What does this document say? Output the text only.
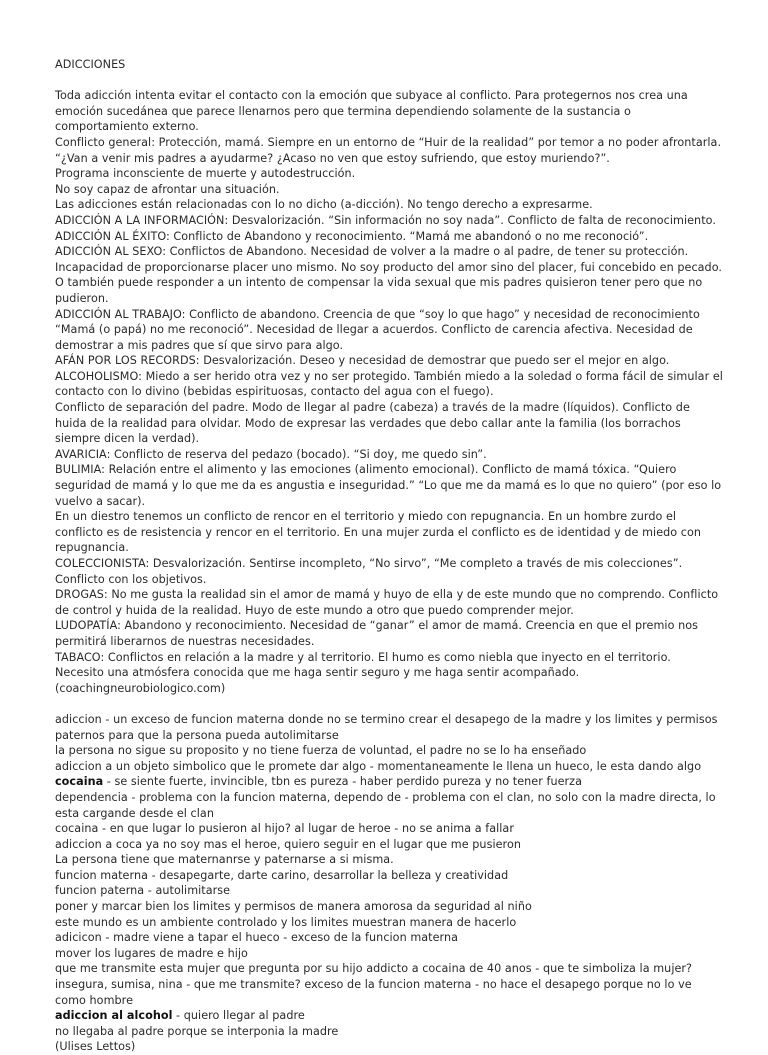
ADICCIONES

Toda adicción intenta evitar el contacto con la emoción que subyace al conflicto. Para protegernos nos crea una emoción sucedánea que parece llenarnos pero que termina dependiendo solamente de la sustancia o comportamiento externo.

Conflicto general: Protección, mamá. Siempre en un entorno de “Huir de la realidad” por temor a no poder afrontarla.

“¿Van a venir mis padres a ayudarme? ¿Acaso no ven que estoy sufriendo, que estoy muriendo?”.

Programa inconsciente de muerte y autodestrucción.

No soy capaz de afrontar una situación.

Las adicciones están relacionadas con lo no dicho (a-dicción). No tengo derecho a expresarme.

ADICCIÓN A LA INFORMACIÓN: Desvalorización. “Sin información no soy nada”. Conflicto de falta de reconocimiento.

ADICCIÓN AL ÉXITO: Conflicto de Abandono y reconocimiento. “Mamá me abandonó o no me reconoció”.

ADICCIÓN AL SEXO: Conflictos de Abandono. Necesidad de volver a la madre o al padre, de tener su protección. Incapacidad de proporcionarse placer uno mismo. No soy producto del amor sino del placer, fui concebido en pecado. O también puede responder a un intento de compensar la vida sexual que mis padres quisieron tener pero que no pudieron.

ADICCIÓN AL TRABAJO: Conflicto de abandono. Creencia de que “soy lo que hago” y necesidad de reconocimiento “Mamá (o papá) no me reconoció”. Necesidad de llegar a acuerdos. Conflicto de carencia afectiva. Necesidad de demostrar a mis padres que sí que sirvo para algo.

AFÁN POR LOS RECORDS: Desvalorización. Deseo y necesidad de demostrar que puedo ser el mejor en algo.

ALCOHOLISMO: Miedo a ser herido otra vez y no ser protegido. También miedo a la soledad o forma fácil de simular el contacto con lo divino (bebidas espirituosas, contacto del agua con el fuego).

Conflicto de separación del padre. Modo de llegar al padre (cabeza) a través de la madre (líquidos). Conflicto de huida de la realidad para olvidar. Modo de expresar las verdades que debo callar ante la familia (los borrachos siempre dicen la verdad).

AVARICIA: Conflicto de reserva del pedazo (bocado). “Si doy, me quedo sin”.

BULIMIA: Relación entre el alimento y las emociones (alimento emocional). Conflicto de mamá tóxica. “Quiero seguridad de mamá y lo que me da es angustia e inseguridad.” “Lo que me da mamá es lo que no quiero” (por eso lo vuelvo a sacar).

En un diestro tenemos un conflicto de rencor en el territorio y miedo con repugnancia. En un hombre zurdo el conflicto es de resistencia y rencor en el territorio. En una mujer zurda el conflicto es de identidad y de miedo con repugnancia.

COLECCIONISTA: Desvalorización. Sentirse incompleto, “No sirvo”, “Me completo a través de mis colecciones”. Conflicto con los objetivos.

DROGAS: No me gusta la realidad sin el amor de mamá y huyo de ella y de este mundo que no comprendo. Conflicto de control y huida de la realidad. Huyo de este mundo a otro que puedo comprender mejor.

LUDOPATÍA: Abandono y reconocimiento. Necesidad de “ganar” el amor de mamá. Creencia en que el premio nos permitirá liberarnos de nuestras necesidades.

TABACO: Conflictos en relación a la madre y al territorio. El humo es como niebla que inyecto en el territorio. Necesito una atmósfera conocida que me haga sentir seguro y me haga sentir acompañado.

(coachingneurobiologico.com)

adiccion - un exceso de funcion materna donde no se termino crear el desapego de la madre y los limites y permisos paternos para que la persona pueda autolimitarse

la persona no sigue su proposito y no tiene fuerza de voluntad, el padre no se lo ha enseñado

adiccion a un objeto simbolico que le promete dar algo - momentaneamente le llena un hueco, le esta dando algo

cocaina - se siente fuerte, invincible, tbn es pureza - haber perdido pureza y no tener fuerza

dependencia - problema con la funcion materna, dependo de - problema con el clan, no solo con la madre directa, lo esta cargande desde el clan

cocaina - en que lugar lo pusieron al hijo? al lugar de heroe - no se anima a fallar

adiccion a coca ya no soy mas el heroe, quiero seguir en el lugar que me pusieron

La persona tiene que maternanrse y paternarse a si misma.

funcion materna - desapegarte, darte carino, desarrollar la belleza y creatividad

funcion paterna - autolimitarse

poner y marcar bien los limites y permisos de manera amorosa da seguridad al niño

este mundo es un ambiente controlado y los limites muestran manera de hacerlo

adicicon - madre viene a tapar el hueco - exceso de la funcion materna

mover los lugares de madre e hijo

que me transmite esta mujer que pregunta por su hijo addicto a cocaina de 40 anos - que te simboliza la mujer? insegura, sumisa, nina - que me transmite? exceso de la funcion materna - no hace el desapego porque no lo ve como hombre

adiccion al alcohol - quiero llegar al padre

no llegaba al padre porque se interponia la madre

(Ulises Lettos)
